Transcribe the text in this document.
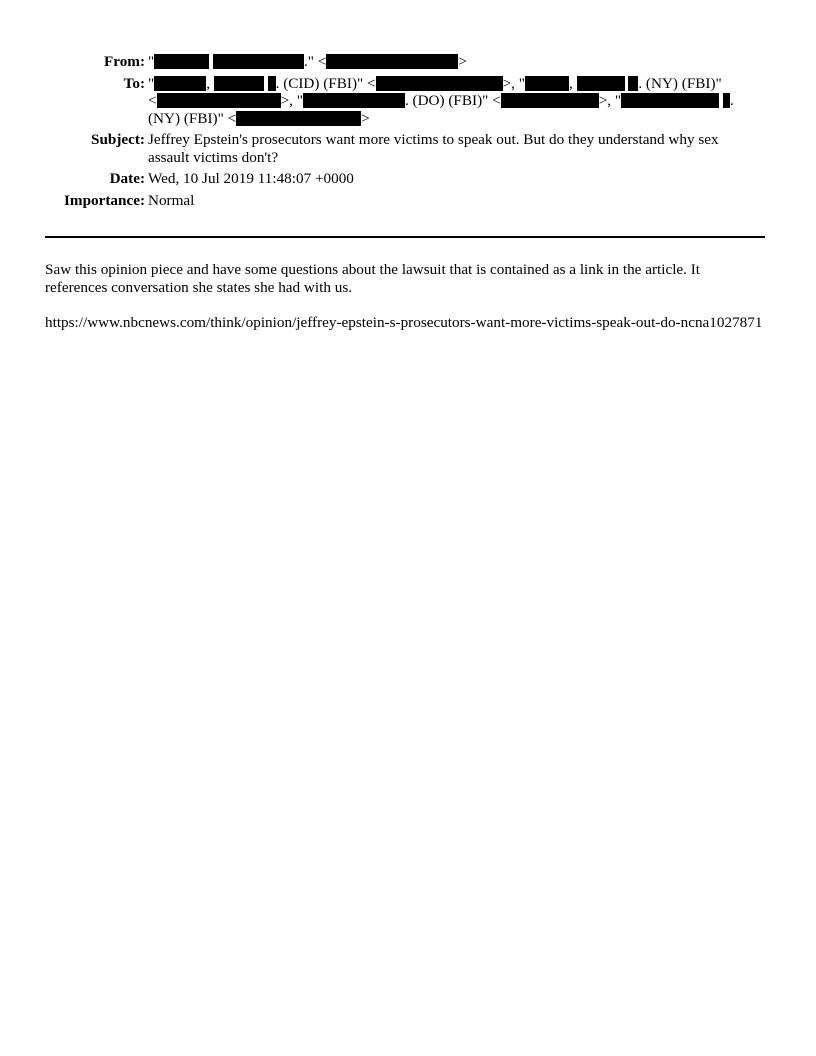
From: "	." <	>
To: "	,	. (CID) (FBI)" <	>, "	,	. (NY) (FBI)"
<	>, "	. (DO) (FBI)" <	>, "	.
(NY) (FBI)" <	>
Subject: Jeffrey Epstein's prosecutors want more victims to speak out. But do they understand why sex assault victims don't?
Date: Wed, 10 Jul 2019 11:48:07 +0000
Importance: Normal

Saw this opinion piece and have some questions about the lawsuit that is contained as a link in the article. It references conversation she states she had with us.

https://www.nbcnews.com/think/opinion/jeffrey-epstein-s-prosecutors-want-more-victims-speak-out-do-ncna1027871
